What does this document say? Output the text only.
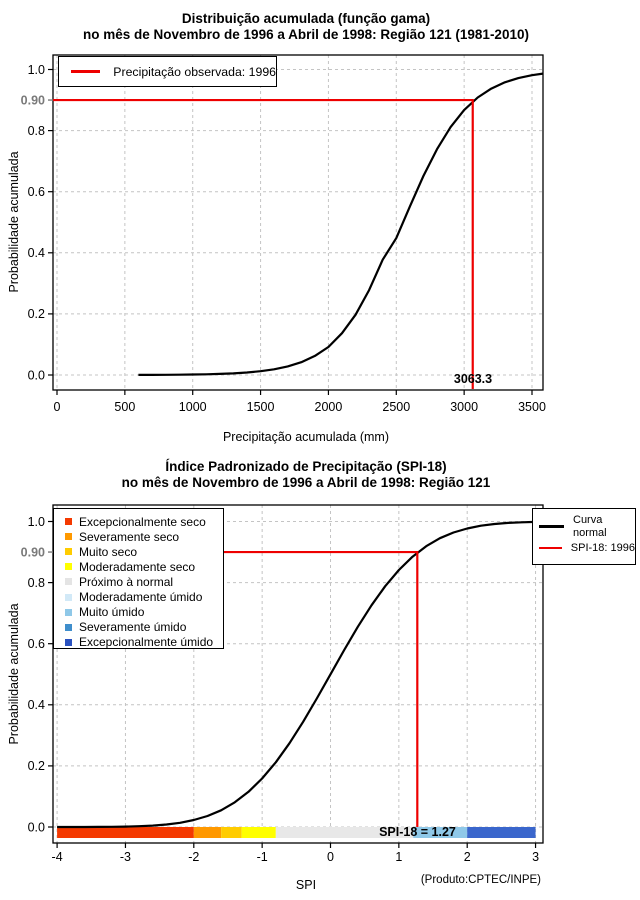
0	500	1000	1500	2000	2500	3000	3500
0.0
0.2
0.4
0.6
0.8
1.0
0.90
-4	-3	-2	-1	0	1	2	3
0.0
0.2
0.4
0.6
0.8
1.0
0.90
Distribuição acumulada (função gama)
no mês de Novembro de 1996 a Abril de 1998: Região 121 (1981-2010)
Probabilidade acumulada
Precipitação acumulada (mm)
Precipitação observada: 1996
3063.3
Índice Padronizado de Precipitação (SPI-18)
no mês de Novembro de 1996 a Abril de 1998: Região 121
Probabilidade acumulada
SPI	(Produto:CPTEC/INPE)
Excepcionalmente seco
Severamente seco
Muito seco
Moderadamente seco
Próximo à normal
Moderadamente úmido
Muito úmido
Severamente úmido
Excepcionalmente úmido
Curva normal
SPI-18: 1996
SPI-18 = 1.27
